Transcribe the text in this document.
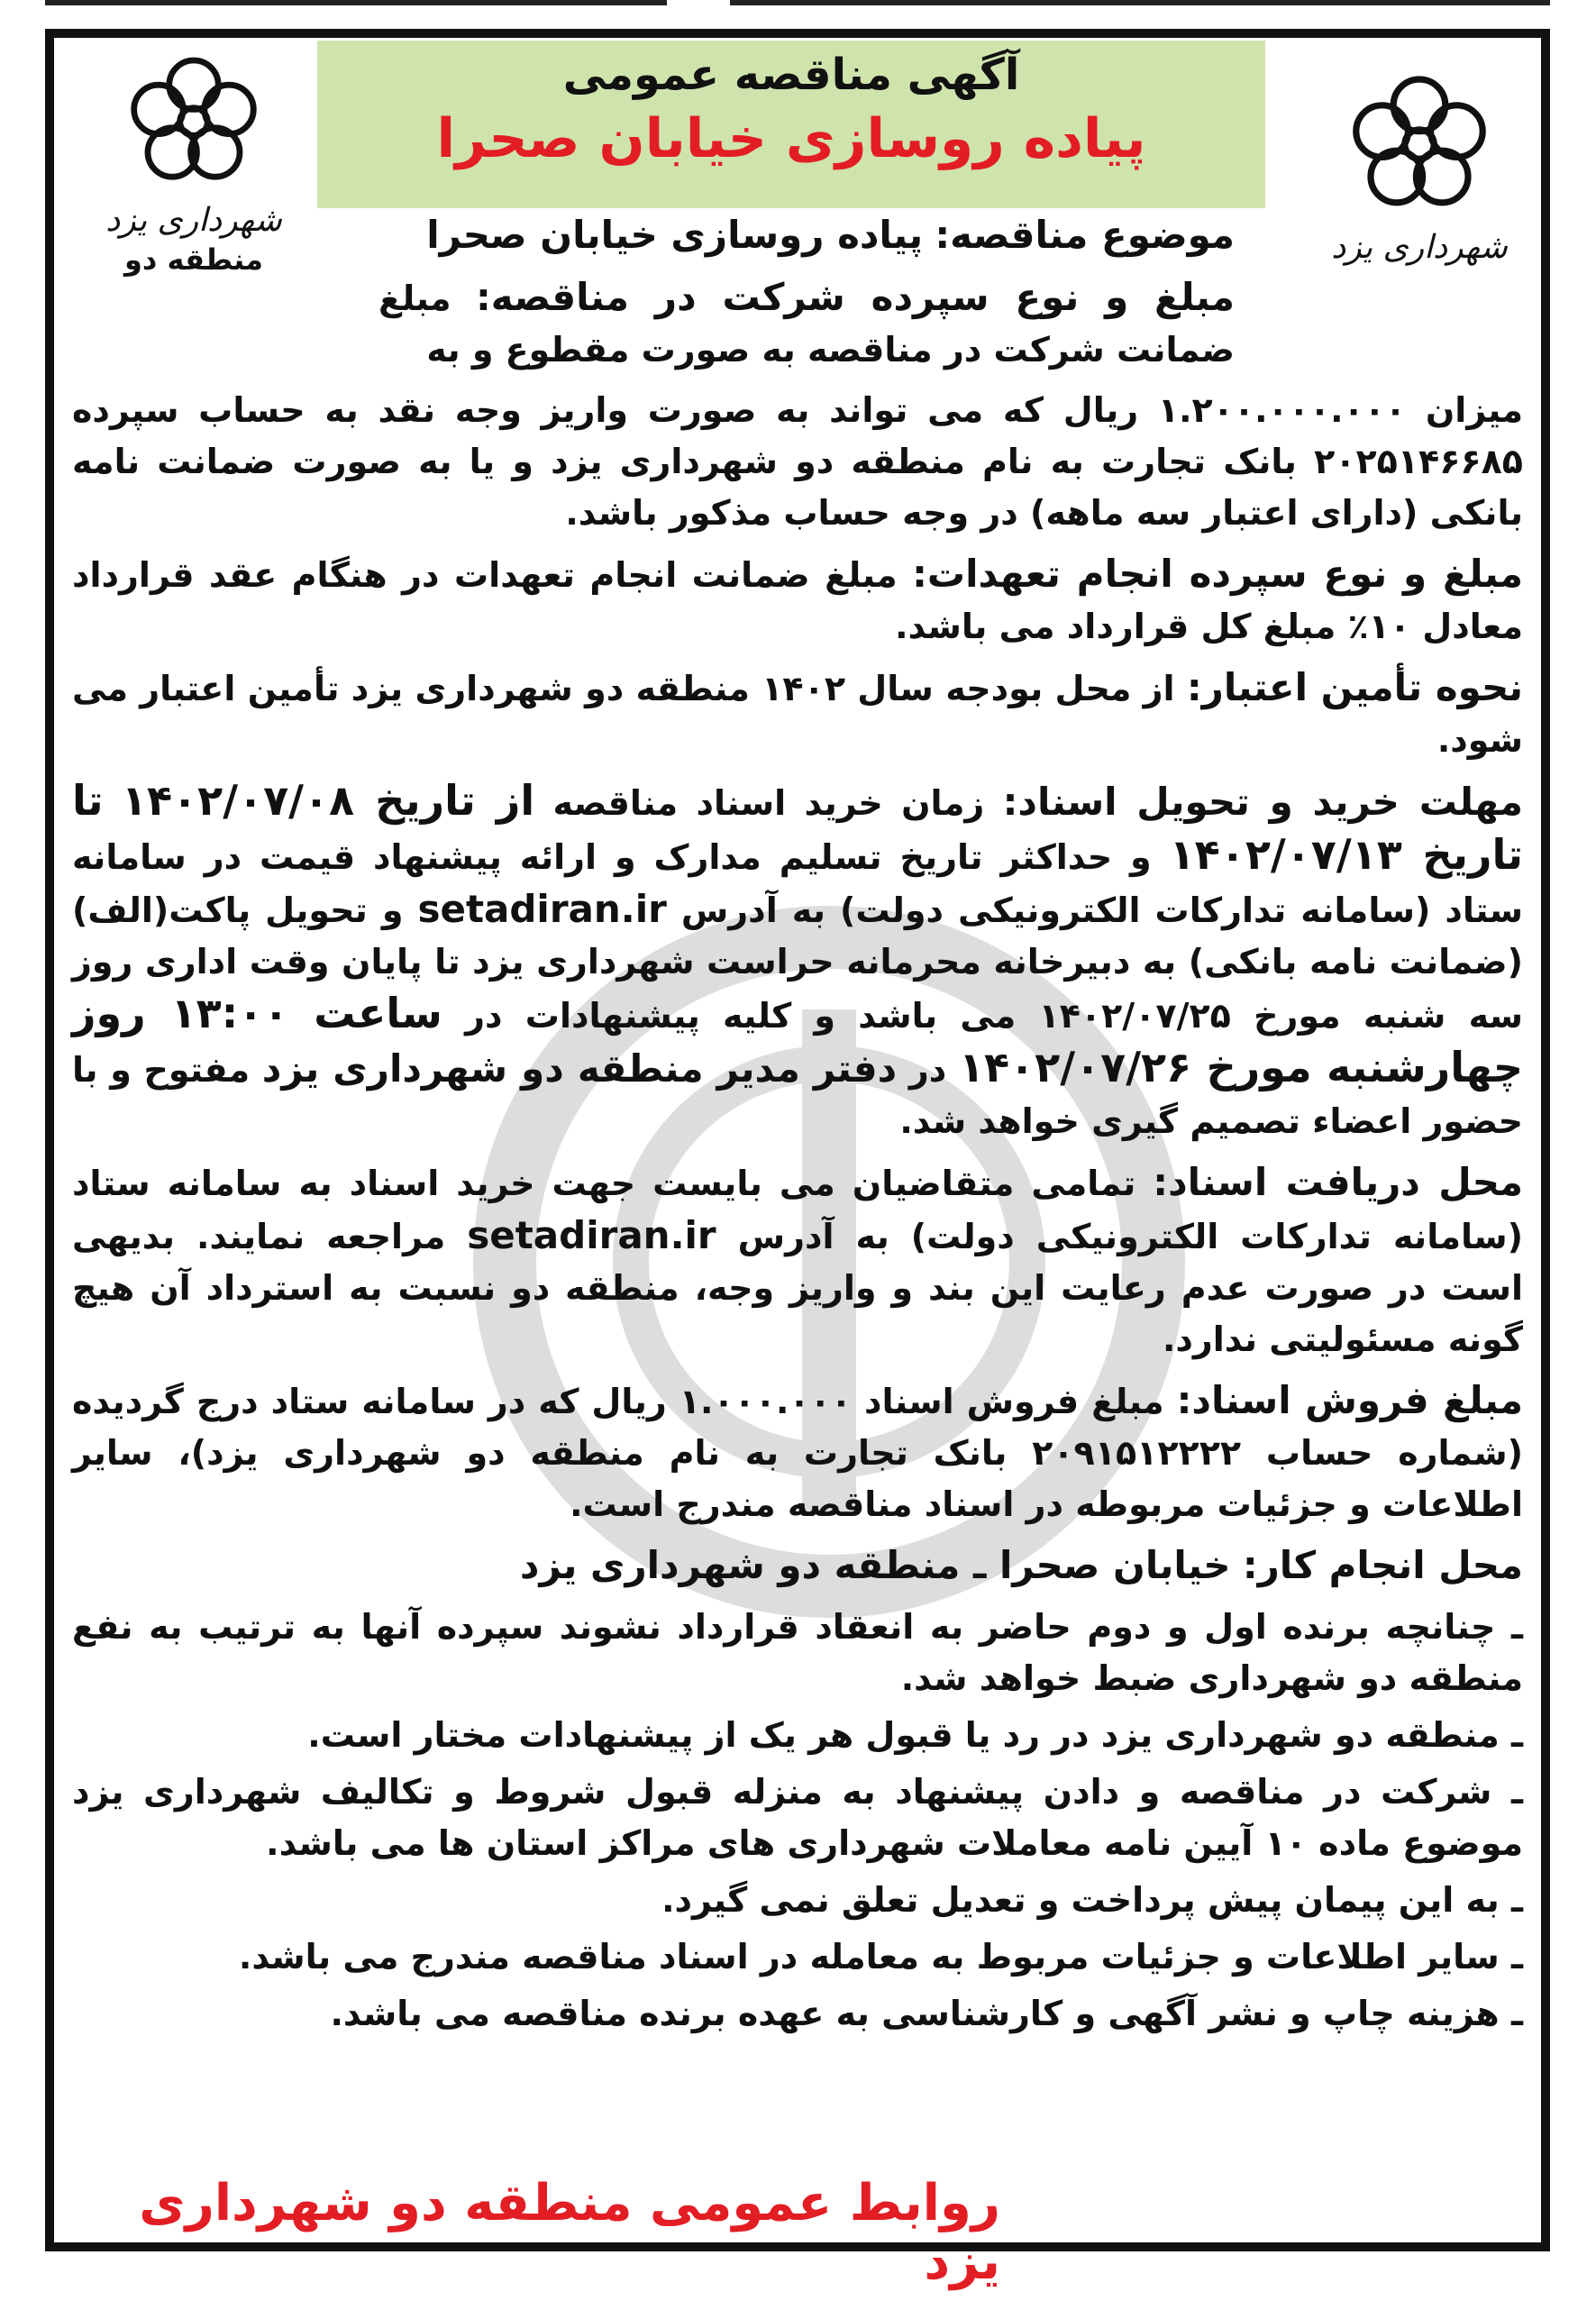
شهرداری یزد
منطقه دو	شهرداری یزد
آگهی مناقصه عمومی
پیاده روسازی خیابان صحرا

موضوع مناقصه: پیاده روسازی خیابان صحرا

مبلغ و نوع سپرده شرکت در مناقصه: مبلغ ضمانت شرکت در مناقصه به صورت مقطوع و به

میزان ۱.۲۰۰.۰۰۰.۰۰۰ ریال که می تواند به صورت واریز وجه نقد به حساب سپرده ۲۰۲۵۱۴۶۶۸۵ بانک تجارت به نام منطقه دو شهرداری یزد و یا به صورت ضمانت نامه بانکی (دارای اعتبار سه ماهه) در وجه حساب مذکور باشد.

مبلغ و نوع سپرده انجام تعهدات: مبلغ ضمانت انجام تعهدات در هنگام عقد قرارداد معادل ۱۰٪ مبلغ کل قرارداد می باشد.

نحوه تأمین اعتبار: از محل بودجه سال ۱۴۰۲ منطقه دو شهرداری یزد تأمین اعتبار می شود.

مهلت خرید و تحویل اسناد: زمان خرید اسناد مناقصه از تاریخ ۱۴۰۲/۰۷/۰۸ تا تاریخ ۱۴۰۲/۰۷/۱۳ و حداکثر تاریخ تسلیم مدارک و ارائه پیشنهاد قیمت در سامانه ستاد (سامانه تدارکات الکترونیکی دولت) به آدرس setadiran.ir و تحویل پاکت(الف) (ضمانت نامه بانکی) به دبیرخانه محرمانه حراست شهرداری یزد تا پایان وقت اداری روز سه شنبه مورخ ۱۴۰۲/۰۷/۲۵ می باشد و کلیه پیشنهادات در ساعت ۱۳:۰۰ روز چهارشنبه مورخ ۱۴۰۲/۰۷/۲۶ در دفتر مدیر منطقه دو شهرداری یزد مفتوح و با حضور اعضاء تصمیم گیری خواهد شد.

محل دریافت اسناد: تمامی متقاضیان می بایست جهت خرید اسناد به سامانه ستاد (سامانه تدارکات الکترونیکی دولت) به آدرس setadiran.ir مراجعه نمایند. بدیهی است در صورت عدم رعایت این بند و واریز وجه، منطقه دو نسبت به استرداد آن هیچ گونه مسئولیتی ندارد.

مبلغ فروش اسناد: مبلغ فروش اسناد ۱.۰۰۰.۰۰۰ ریال که در سامانه ستاد درج گردیده (شماره حساب ۲۰۹۱۵۱۲۲۲۲ بانک تجارت به نام منطقه دو شهرداری یزد)، سایر اطلاعات و جزئیات مربوطه در اسناد مناقصه مندرج است.

محل انجام کار: خیابان صحرا ـ منطقه دو شهرداری یزد

ـ چنانچه برنده اول و دوم حاضر به انعقاد قرارداد نشوند سپرده آنها به ترتیب به نفع منطقه دو شهرداری ضبط خواهد شد.
ـ منطقه دو شهرداری یزد در رد یا قبول هر یک از پیشنهادات مختار است.
ـ شرکت در مناقصه و دادن پیشنهاد به منزله قبول شروط و تکالیف شهرداری یزد موضوع ماده ۱۰ آیین نامه معاملات شهرداری های مراکز استان ها می باشد.
ـ به این پیمان پیش پرداخت و تعدیل تعلق نمی گیرد.
ـ سایر اطلاعات و جزئیات مربوط به معامله در اسناد مناقصه مندرج می باشد.
ـ هزینه چاپ و نشر آگهی و کارشناسی به عهده برنده مناقصه می باشد.
روابط عمومی منطقه دو شهرداری یزد
